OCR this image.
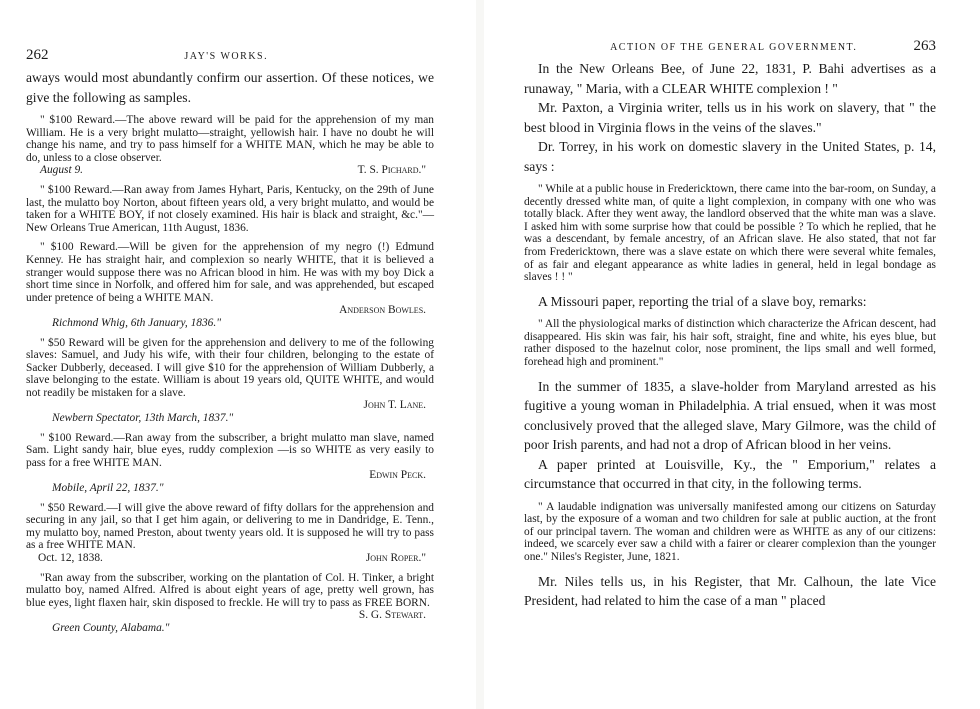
262	JAY'S WORKS.

aways would most abundantly confirm our assertion. Of these notices, we give the following as samples.

" $100 Reward.—The above reward will be paid for the apprehension of my man William. He is a very bright mulatto—straight, yellowish hair. I have no doubt he will change his name, and try to pass himself for a WHITE MAN, which he may be able to do, unless to a close observer.
August 9.	T. S. Pichard."
" $100 Reward.—Ran away from James Hyhart, Paris, Kentucky, on the 29th of June last, the mulatto boy Norton, about fifteen years old, a very bright mulatto, and would be taken for a WHITE BOY, if not closely examined. His hair is black and straight, &c."—New Orleans True American, 11th August, 1836.
" $100 Reward.—Will be given for the apprehension of my negro (!) Edmund Kenney. He has straight hair, and complexion so nearly WHITE, that it is believed a stranger would suppose there was no African blood in him. He was with my boy Dick a short time since in Norfolk, and offered him for sale, and was apprehended, but escaped under pretence of being a WHITE MAN.
Anderson Bowles.
Richmond Whig, 6th January, 1836."
" $50 Reward will be given for the apprehension and delivery to me of the following slaves: Samuel, and Judy his wife, with their four children, belonging to the estate of Sacker Dubberly, deceased. I will give $10 for the apprehension of William Dubberly, a slave belonging to the estate. William is about 19 years old, QUITE WHITE, and would not readily be mistaken for a slave.
John T. Lane.
Newbern Spectator, 13th March, 1837."
" $100 Reward.—Ran away from the subscriber, a bright mulatto man slave, named Sam. Light sandy hair, blue eyes, ruddy complexion —is so WHITE as very easily to pass for a free WHITE MAN.
Edwin Peck.
Mobile, April 22, 1837."
" $50 Reward.—I will give the above reward of fifty dollars for the apprehension and securing in any jail, so that I get him again, or delivering to me in Dandridge, E. Tenn., my mulatto boy, named Preston, about twenty years old. It is supposed he will try to pass as a free WHITE MAN.
Oct. 12, 1838.	John Roper."
"Ran away from the subscriber, working on the plantation of Col. H. Tinker, a bright mulatto boy, named Alfred. Alfred is about eight years of age, pretty well grown, has blue eyes, light flaxen hair, skin disposed to freckle. He will try to pass as FREE BORN.
S. G. Stewart.
Green County, Alabama."
ACTION OF THE GENERAL GOVERNMENT.	263

In the New Orleans Bee, of June 22, 1831, P. Bahi advertises as a runaway, " Maria, with a CLEAR WHITE complexion ! "

Mr. Paxton, a Virginia writer, tells us in his work on slavery, that " the best blood in Virginia flows in the veins of the slaves."

Dr. Torrey, in his work on domestic slavery in the United States, p. 14, says :

" While at a public house in Fredericktown, there came into the bar-room, on Sunday, a decently dressed white man, of quite a light complexion, in company with one who was totally black. After they went away, the landlord observed that the white man was a slave. I asked him with some surprise how that could be possible ? To which he replied, that he was a descendant, by female ancestry, of an African slave. He also stated, that not far from Fredericktown, there was a slave estate on which there were several white females, of as fair and elegant appearance as white ladies in general, held in legal bondage as slaves ! ! "

A Missouri paper, reporting the trial of a slave boy, remarks:

" All the physiological marks of distinction which characterize the African descent, had disappeared. His skin was fair, his hair soft, straight, fine and white, his eyes blue, but rather disposed to the hazelnut color, nose prominent, the lips small and well formed, forehead high and prominent."

In the summer of 1835, a slave-holder from Maryland arrested as his fugitive a young woman in Philadelphia. A trial ensued, when it was most conclusively proved that the alleged slave, Mary Gilmore, was the child of poor Irish parents, and had not a drop of African blood in her veins.

A paper printed at Louisville, Ky., the " Emporium," relates a circumstance that occurred in that city, in the following terms.

" A laudable indignation was universally manifested among our citizens on Saturday last, by the exposure of a woman and two children for sale at public auction, at the front of our principal tavern. The woman and children were as WHITE as any of our citizens: indeed, we scarcely ever saw a child with a fairer or clearer complexion than the younger one." Niles's Register, June, 1821.

Mr. Niles tells us, in his Register, that Mr. Calhoun, the late Vice President, had related to him the case of a man " placed
